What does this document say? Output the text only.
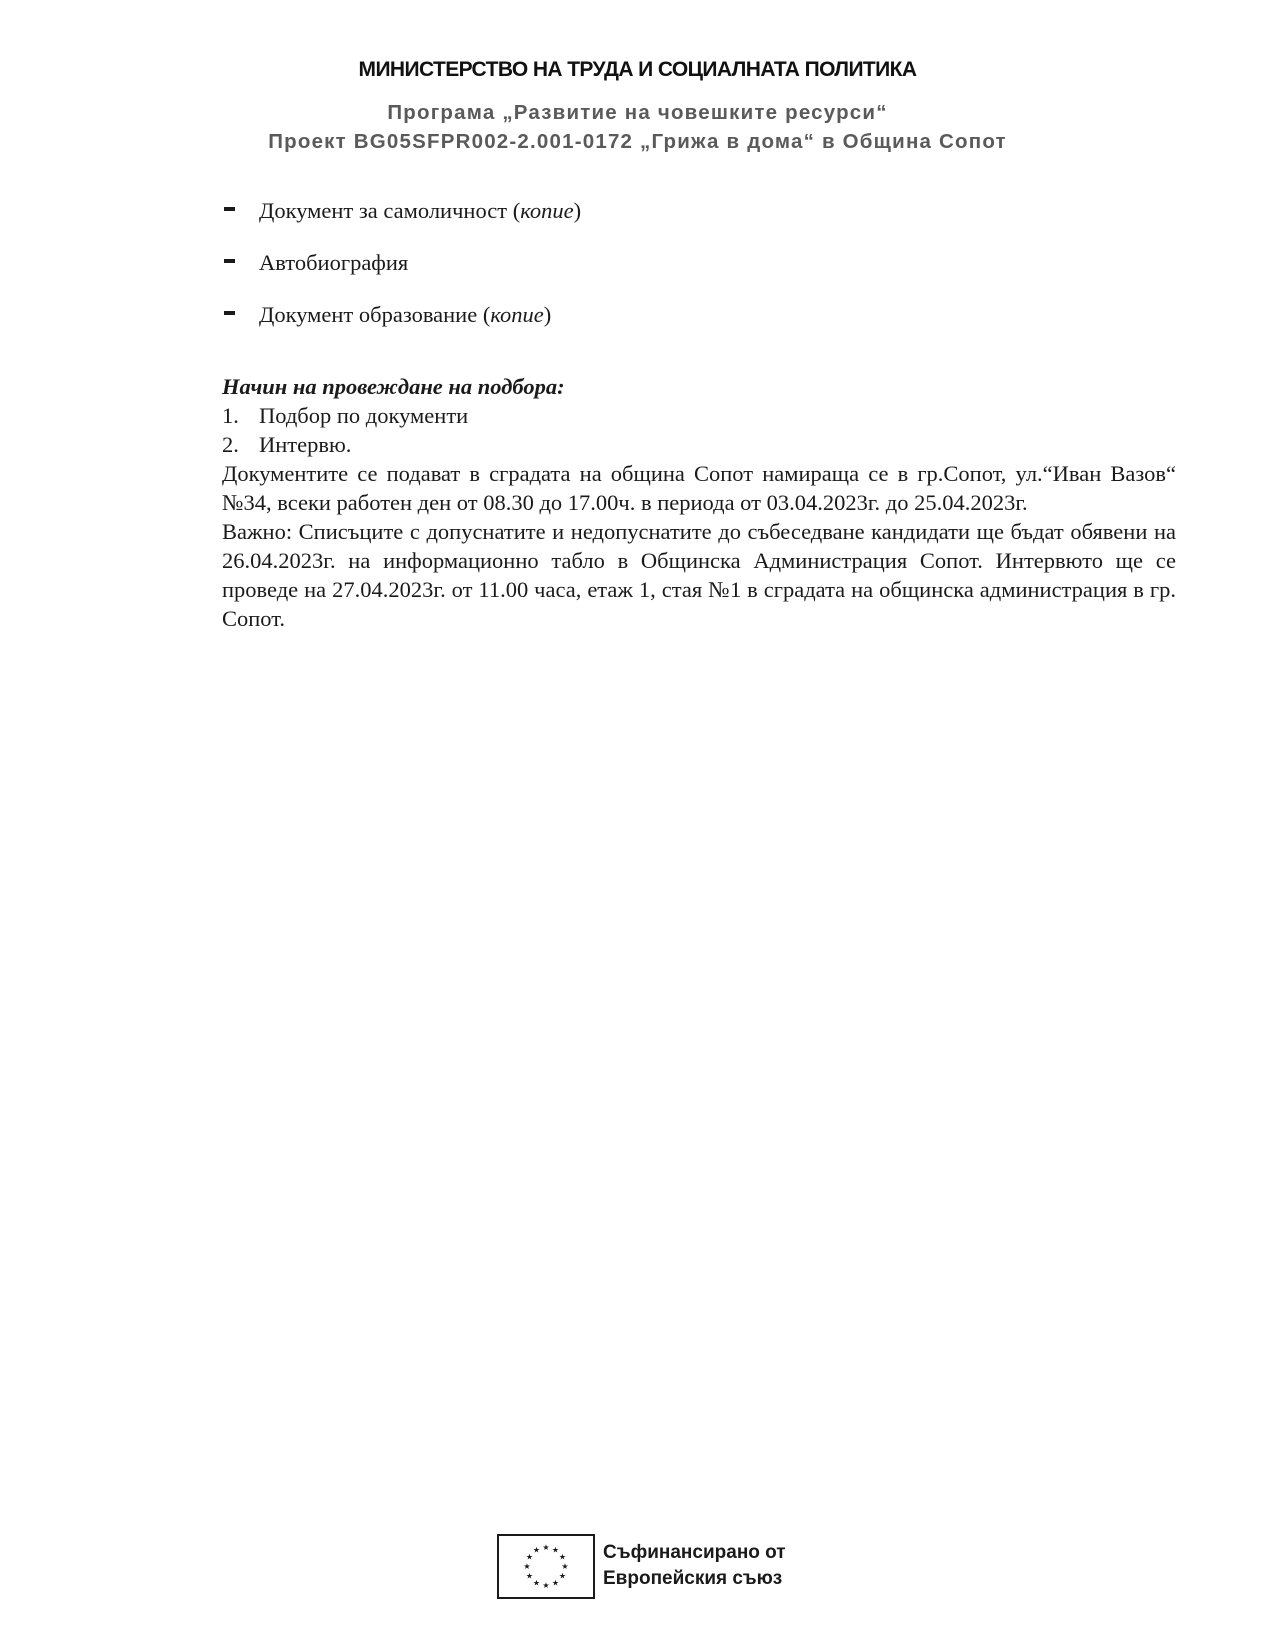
МИНИСТЕРСТВО НА ТРУДА И СОЦИАЛНАТА ПОЛИТИКА
Програма „Развитие на човешките ресурси“
Проект BG05SFPR002-2.001-0172 „Грижа в дома“ в Община Сопот
Документ за самоличност (копие)
Автобиография
Документ образование (копие)
Начин на провеждане на подбора:
1. Подбор по документи
2. Интервю.

Документите се подават в сградата на община Сопот намираща се в гр.Сопот, ул.“Иван Вазов“ №34, всеки работен ден от 08.30 до 17.00ч. в периода от 03.04.2023г. до 25.04.2023г.

Важно: Списъците с допуснатите и недопуснатите до събеседване кандидати ще бъдат обявени на 26.04.2023г. на информационно табло в Общинска Администрация Сопот. Интервюто ще се проведе на 27.04.2023г. от 11.00 часа, етаж 1, стая №1 в сградата на общинска администрация в гр. Сопот.

★ ★
★
★
★
★
★
★
★
★
★
★	Съфинансирано от
Европейския съюз
